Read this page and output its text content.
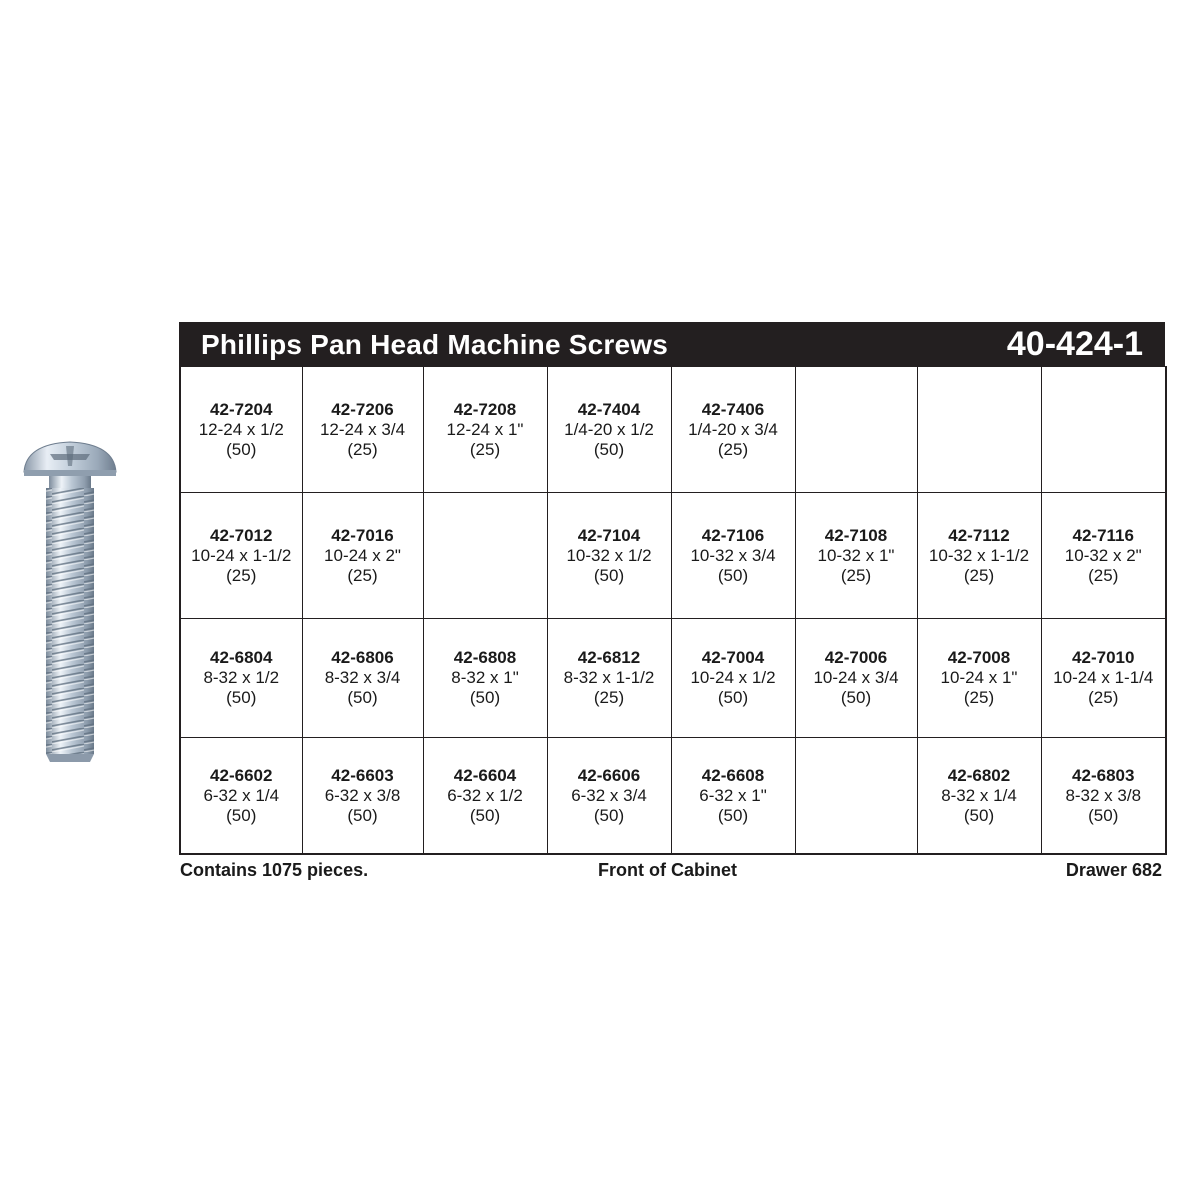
Phillips Pan Head Machine Screws	40-424-1
42-7204
12-24 x 1/2
(50)	42-7206
12-24 x 3/4
(25)	42-7208
12-24 x 1"
(25)	42-7404
1/4-20 x 1/2
(50)	42-7406
1/4-20 x 3/4
(25)			

42-7012
10-24 x 1-1/2
(25)	42-7016
10-24 x 2"
(25)		42-7104
10-32 x 1/2
(50)	42-7106
10-32 x 3/4
(50)	42-7108
10-32 x 1"
(25)	42-7112
10-32 x 1-1/2
(25)	42-7116
10-32 x 2"
(25)

42-6804
8-32 x 1/2
(50)	42-6806
8-32 x 3/4
(50)	42-6808
8-32 x 1"
(50)	42-6812
8-32 x 1-1/2
(25)	42-7004
10-24 x 1/2
(50)	42-7006
10-24 x 3/4
(50)	42-7008
10-24 x 1"
(25)	42-7010
10-24 x 1-1/4
(25)

42-6602
6-32 x 1/4
(50)	42-6603
6-32 x 3/8
(50)	42-6604
6-32 x 1/2
(50)	42-6606
6-32 x 3/4
(50)	42-6608
6-32 x 1"
(50)		42-6802
8-32 x 1/4
(50)	42-6803
8-32 x 3/8
(50)
Contains 1075 pieces.	Front of Cabinet	Drawer 682
